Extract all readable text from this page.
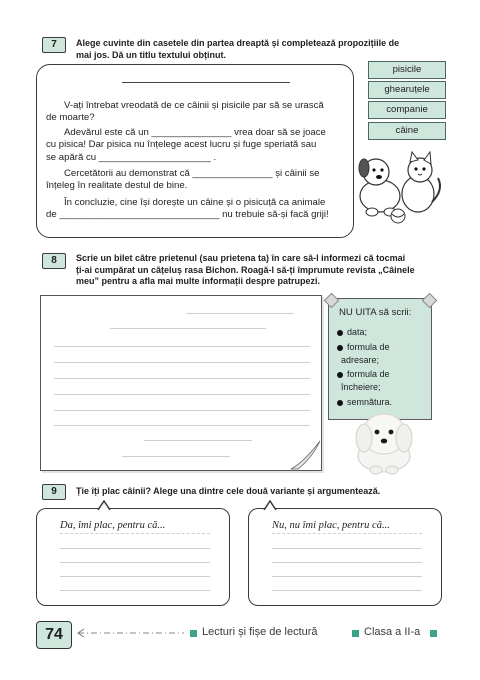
7	Alege cuvinte din casetele din partea dreaptă și completează propozițiile de
mai jos. Dă un titlu textului obținut.
V-ați întrebat vreodată de ce câinii și pisicile par să se urască
de moarte?
Adevărul este că un _______________ vrea doar să se joace
cu pisica! Dar pisica nu înțelege acest lucru și fuge speriată sau
se apără cu _____________________ .
Cercetătorii au demonstrat că _______________ și câinii se
înțeleg în realitate destul de bine.
În concluzie, cine își dorește un câine și o pisicuță ca animale
de ______________________________ nu trebuie să-și facă griji!
pisicile
ghearuțele
companie
câine
8	Scrie un bilet către prietenul (sau prietena ta) în care să-l informezi că tocmai
ți-ai cumpărat un cățeluș rasa Bichon. Roagă-l să-ți împrumute revista „Câinele
meu” pentru a afla mai multe informații despre patrupezi.
NU UITA să scrii:
data;
formula de
adresare;
formula de
încheiere;
semnătura.
9	Ție îți plac câinii? Alege una dintre cele două variante și argumentează.
Da, îmi plac, pentru că...	Nu, nu îmi plac, pentru că...
74	Lecturi și fișe de lectură	Clasa a II-a
